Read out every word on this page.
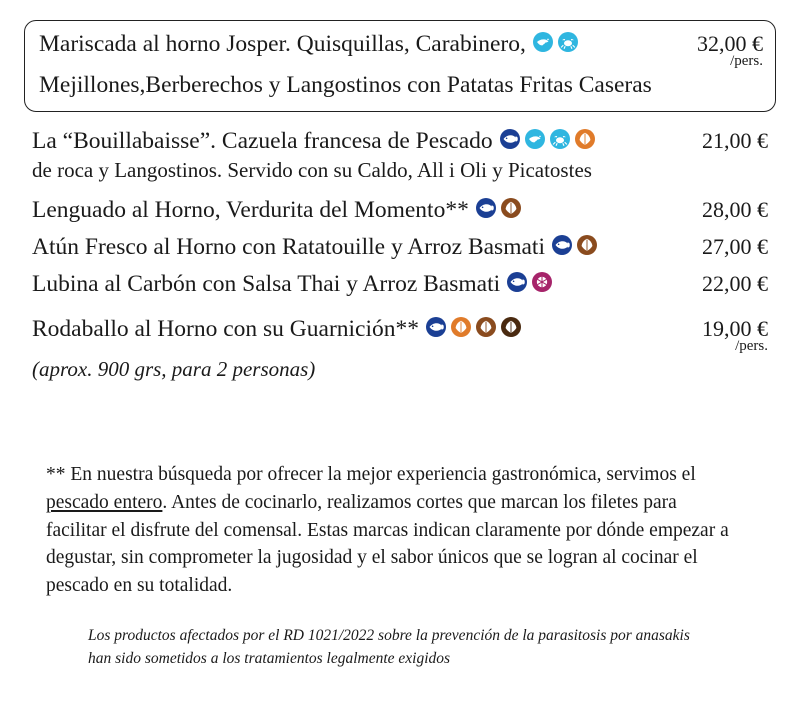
Mariscada al horno Josper. Quisquillas, Carabinero,	32,00 €
/pers.
Mejillones,Berberechos y Langostinos con Patatas Fritas Caseras
La “Bouillabaisse”. Cazuela francesa de Pescado	21,00 €
de roca y Langostinos. Servido con su Caldo, All i Oli y Picatostes
Lenguado al Horno, Verdurita del Momento**	28,00 €
Atún Fresco al Horno con Ratatouille y Arroz Basmati	27,00 €
Lubina al Carbón con Salsa Thai y Arroz Basmati	22,00 €
Rodaballo al Horno con su Guarnición**	19,00 €
/pers.
(aprox. 900 grs, para 2 personas)
** En nuestra búsqueda por ofrecer la mejor experiencia gastronómica, servimos el pescado entero. Antes de cocinarlo, realizamos cortes que marcan los filetes para facilitar el disfrute del comensal. Estas marcas indican claramente por dónde empezar a degustar, sin comprometer la jugosidad y el sabor únicos que se logran al cocinar el pescado en su totalidad.
Los productos afectados por el RD 1021/2022 sobre la prevención de la parasitosis por anasakis
han sido sometidos a los tratamientos legalmente exigidos
